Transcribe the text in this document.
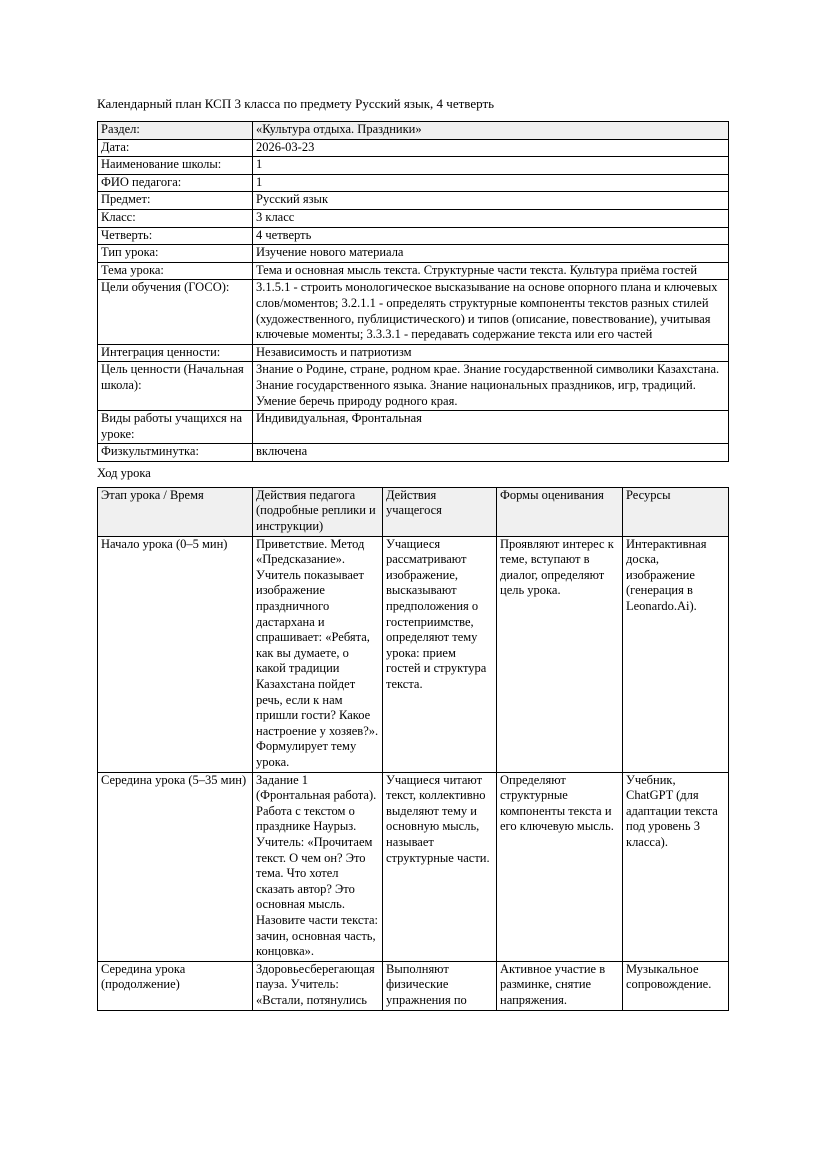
Календарный план КСП 3 класса по предмету Русский язык, 4 четверть

Раздел:	«Культура отдыха. Праздники»
Дата:	2026-03-23
Наименование школы:	1
ФИО педагога:	1
Предмет:	Русский язык
Класс:	3 класс
Четверть:	4 четверть
Тип урока:	Изучение нового материала
Тема урока:	Тема и основная мысль текста. Структурные части текста. Культура приёма гостей
Цели обучения (ГОСО):	3.1.5.1 - строить монологическое высказывание на основе опорного плана и ключевых слов/моментов; 3.2.1.1 - определять структурные компоненты текстов разных стилей (художественного, публицистического) и типов (описание, повествование), учитывая ключевые моменты; 3.3.3.1 - передавать содержание текста или его частей
Интеграция ценности:	Независимость и патриотизм
Цель ценности (Начальная школа):	Знание о Родине, стране, родном крае. Знание государственной символики Казахстана. Знание государственного языка. Знание национальных праздников, игр, традиций. Умение беречь природу родного края.
Виды работы учащихся на уроке:	Индивидуальная, Фронтальная
Физкультминутка:	включена

Ход урока

Этап урока / Время	Действия педагога (подробные реплики и инструкции)	Действия учащегося	Формы оценивания	Ресурсы
Начало урока (0–5 мин)	Приветствие. Метод «Предсказание». Учитель показывает изображение праздничного дастархана и спрашивает: «Ребята, как вы думаете, о какой традиции Казахстана пойдет речь, если к нам пришли гости? Какое настроение у хозяев?». Формулирует тему урока.	Учащиеся рассматривают изображение, высказывают предположения о гостеприимстве, определяют тему урока: прием гостей и структура текста.	Проявляют интерес к теме, вступают в диалог, определяют цель урока.	Интерактивная доска, изображение (генерация в Leonardo.Ai).
Середина урока (5–35 мин)	Задание 1 (Фронтальная работа). Работа с текстом о празднике Наурыз. Учитель: «Прочитаем текст. О чем он? Это тема. Что хотел сказать автор? Это основная мысль. Назовите части текста: зачин, основная часть, концовка».	Учащиеся читают текст, коллективно выделяют тему и основную мысль, называет структурные части.	Определяют структурные компоненты текста и его ключевую мысль.	Учебник, ChatGPT (для адаптации текста под уровень 3 класса).

Середина урока (продолжение)	Здоровьесберегающая пауза. Учитель: «Встали, потянулись	Выполняют физические упражнения по	Активное участие в разминке, снятие напряжения.	Музыкальное сопровождение.
